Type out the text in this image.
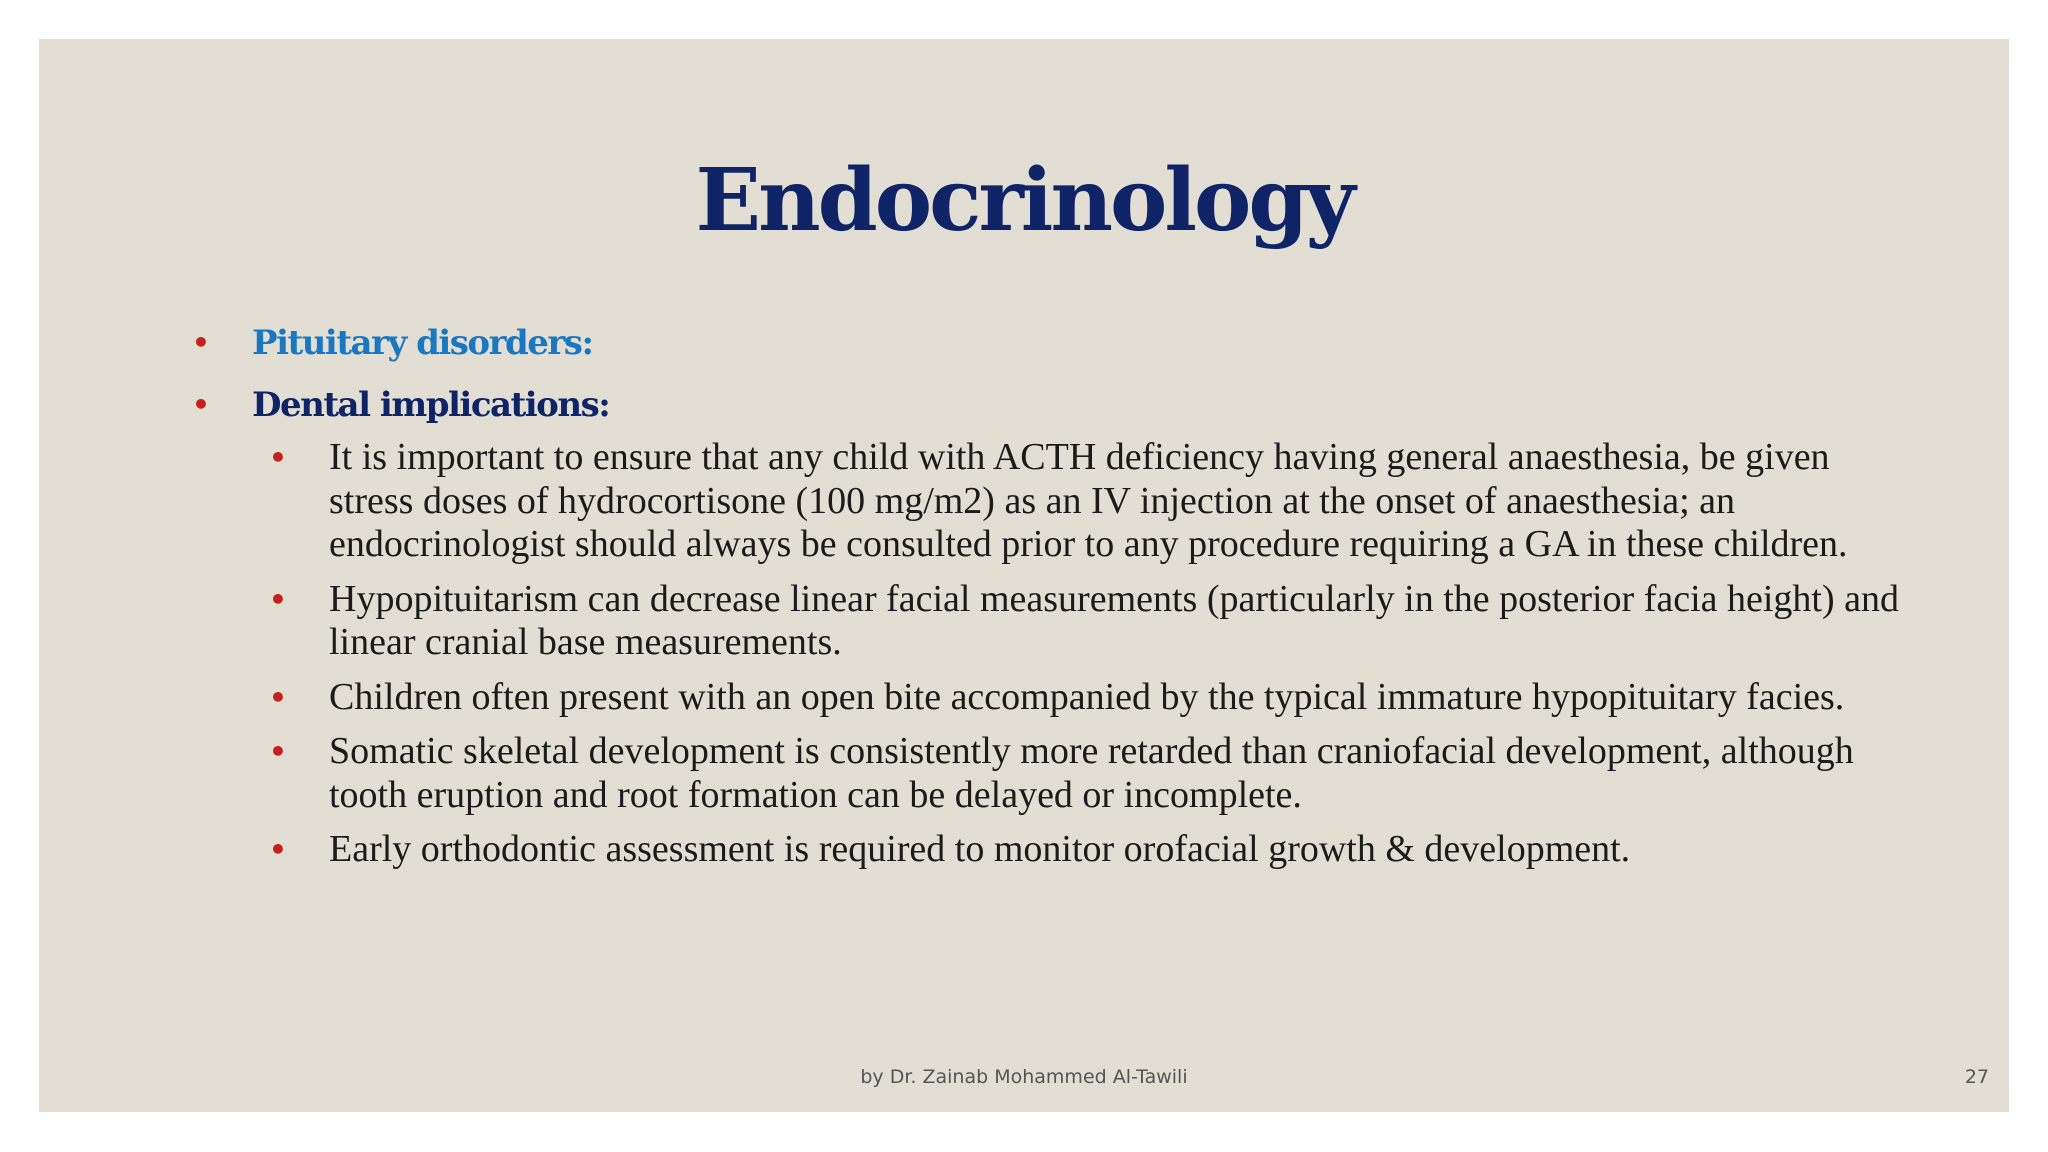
Endocrinology
• Pituitary disorders:
• Dental implications:
• It is important to ensure that any child with ACTH deficiency having general anaesthesia, be given stress doses of hydrocortisone (100 mg/m2) as an IV injection at the onset of anaesthesia; an endocrinologist should always be consulted prior to any procedure requiring a GA in these children.
• Hypopituitarism can decrease linear facial measurements (particularly in the posterior facia height) and linear cranial base measurements.
• Children often present with an open bite accompanied by the typical immature hypopituitary facies.
• Somatic skeletal development is consistently more retarded than craniofacial development, although tooth eruption and root formation can be delayed or incomplete.
• Early orthodontic assessment is required to monitor orofacial growth & development.
by Dr. Zainab Mohammed Al-Tawili	27
